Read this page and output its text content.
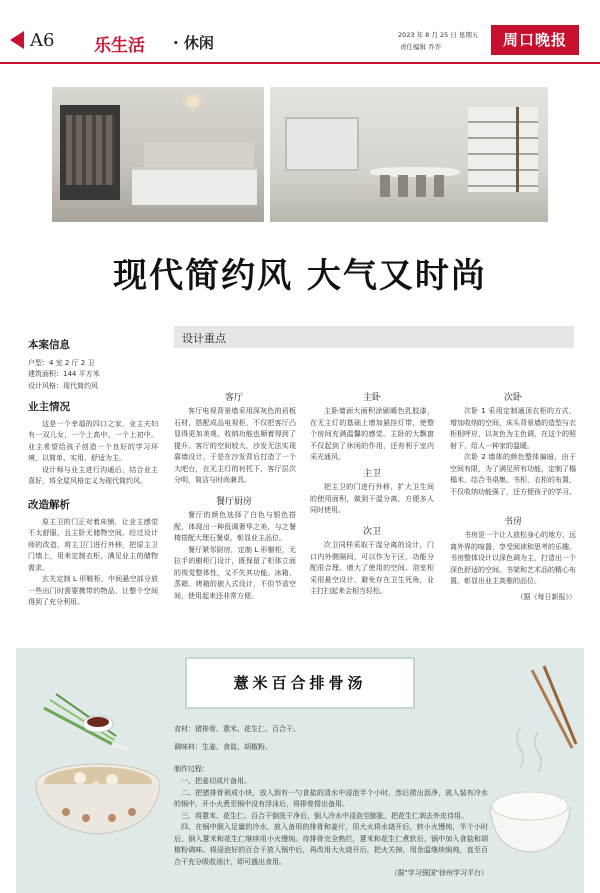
A6 乐生活 · 休闲	2023 年 8 月 25 日 星期五
责任编辑 乔乔	周口晚报
现代简约风 大气又时尚
本案信息
户型：4 室 2 厅 2 卫
建筑面积：144 平方米
设计风格：现代简约风
业主情况
这是一个幸福的四口之家，业主夫妇有一双儿女，一个上高中、一个上初中。业主希望给孩子创造一个良好的学习环境，以简单、实用、舒适为主。
设计师与业主进行沟通后，结合业主喜好，将全屋风格定义为现代简约风。
改造解析
原主卫的门正对着床铺，让业主感觉不太舒服，且主卧无储物空间。经过设计师的改造，将主卫门进行外移，把原主卫门墙上，用来定制衣柜，满足业主的储物需求。
玄关定制 L 形鞋柜，中间悬空部分放一些出门时需要携带的物品，让整个空间得到了充分利用。
设计重点
客厅
客厅电视背景墙采用深灰色的岩板石材，搭配成品电视柜，不仅把客厅凸显得更加美观，收纳功能也顺着得到了提升。客厅的空间较大，沙发无法实现靠墙设计，于是在沙发背后打造了一个大吧台，在无主灯的衬托下，客厅层次分明，简洁与时尚兼具。
餐厅厨房
餐厅的颜色选择了白色与银色搭配，体现出一种低调奢华之美，与之餐椅搭配大理石餐桌，彰显业主品位。
餐厅紧邻厨房，定制 L 形橱柜，无拉手的橱柜门设计，既保留了柜体立面的视觉整体性，又不失其功能。冰箱、蒸箱、烤箱的嵌入式设计，不但节省空间，使用起来还非常方便。
主卧
主卧墙面大面积涂刷暖色乳胶漆，在无主灯的基础上增加悬挂灯带，使整个房间充满温馨的感觉。主卧的大飘窗不仅起到了休闲的作用，还有利于室内采光通风。
主卫
把主卫的门进行外移，扩大卫生间的使用面积，做到干湿分离，方便多人同时使用。
次卫
次卫同样采取干湿分离的设计，门口内外侧隔间，可以作为干区，功能分配很合理。增大了使用的空间。浴室柜采用悬空设计，避免存在卫生死角，业主打扫起来会相当轻松。
次卧
次卧 1 采用定制通顶衣柜的方式，增加收纳的空间，床头背景墙的造型与衣柜相呼应，以灰色为主色调，在这个的照射下，给人一种家的温暖。
次卧 2 墙体的颜色整体偏暗，由于空间有限，为了满足所有功能，定制了榻榻米，结合书桌集、书柜、衣柜的布置，不仅收纳功能强了，还方便孩子的学习。
书房
书房是一个让人放松身心的地方，远离外界的喧嚣，享受阅读和思考的乐趣。书房整体设计以深色调为主，打造出一个深色舒适的空间。书架和艺术品的精心布置，彰显出业主高雅的品位。
（据《每日新报》）
薏米百合排骨汤
食材：猪排骨、薏米、花生仁、百合干。
调味料：生姜、食盐、胡椒粉。
制作过程：
一、把姜切成片备用。
二、把猪排骨剁成小块，放入到有一勺食盐的清水中浸泡半个小时，然后捞出沥净，放入装有冷水的锅中，开小火煮至锅中没有浮沫后，将排骨捞出备用。
三、将薏米、花生仁、百合干倒洗干净后，倒入冷水中浸泡至膨胀，把花生仁剥去外皮待用。
四、在锅中倒入足量的冷水，放入备用的排骨和姜片，用大火将水烧开后，转小火慢炖，半个小时后，倒入薏米和花生仁继续用小火慢炖。待排骨完全熟烂，薏米和花生仁煮软后，锅中加入食盐和胡椒粉调味。将浸泡好的百合干放入锅中后，再改用大火烧开后，把火关掉，用余温继续焖炖，直至百合干充分吸收汤汁，即可盛出食用。
（据"学习强国"徐州学习平台）
